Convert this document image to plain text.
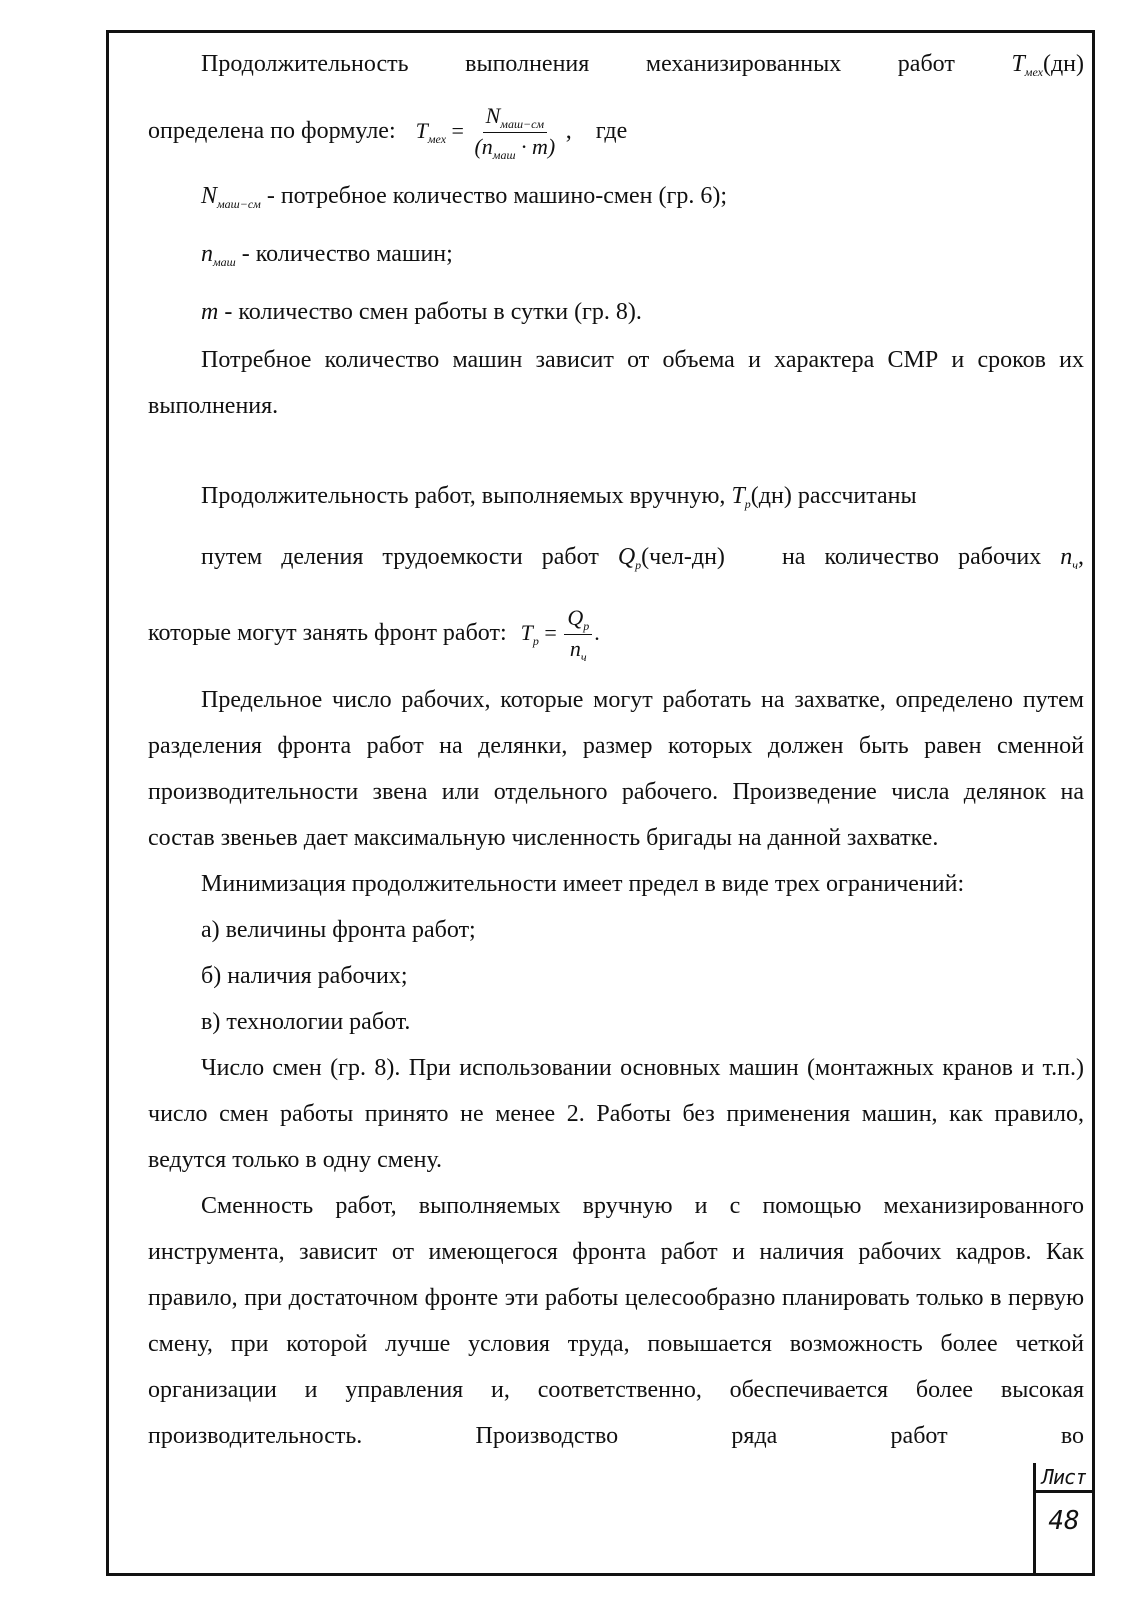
Продолжительность выполнения механизированных работ $T_{мех}(дн)$

определена по формуле: $T_{мех} = \frac{N_{маш-см}}{(n_{маш} \cdot m)}$ ,    где

$N_{маш-см}$ - потребное количество машино-смен (гр. 6);

$n_{маш}$ - количество машин;

m - количество смен работы в сутки (гр. 8).

Потребное количество машин зависит от объема и характера СМР и сроков их выполнения.

Продолжительность работ, выполняемых вручную, $T_р(дн)$ рассчитаны

путем деления трудоемкости работ $Q_р(чел-дн)$   на количество рабочих $n_ч$,

которые могут занять фронт работ: $T_р = \frac{Q_р}{n_ч}$ .

Предельное число рабочих, которые могут работать на захватке, определено путем разделения фронта работ на делянки, размер которых должен быть равен сменной производительности звена или отдельного рабочего. Произведение числа делянок на состав звеньев дает максимальную численность бригады на данной захватке.

Минимизация продолжительности имеет предел в виде трех ограничений:

а) величины фронта работ;

б) наличия рабочих;

в) технологии работ.

Число смен (гр. 8). При использовании основных машин (монтажных кранов и т.п.) число смен работы принято не менее 2. Работы без применения машин, как правило, ведутся только в одну смену.

Сменность работ, выполняемых вручную и с помощью механизированного инструмента, зависит от имеющегося фронта работ и наличия рабочих кадров. Как правило, при достаточном фронте эти работы целесообразно планировать только в первую смену, при которой лучше условия труда, повышается возможность более четкой организации и управления и, соответственно, обеспечивается более высокая производительность. Производство ряда работ во

Лист
48
